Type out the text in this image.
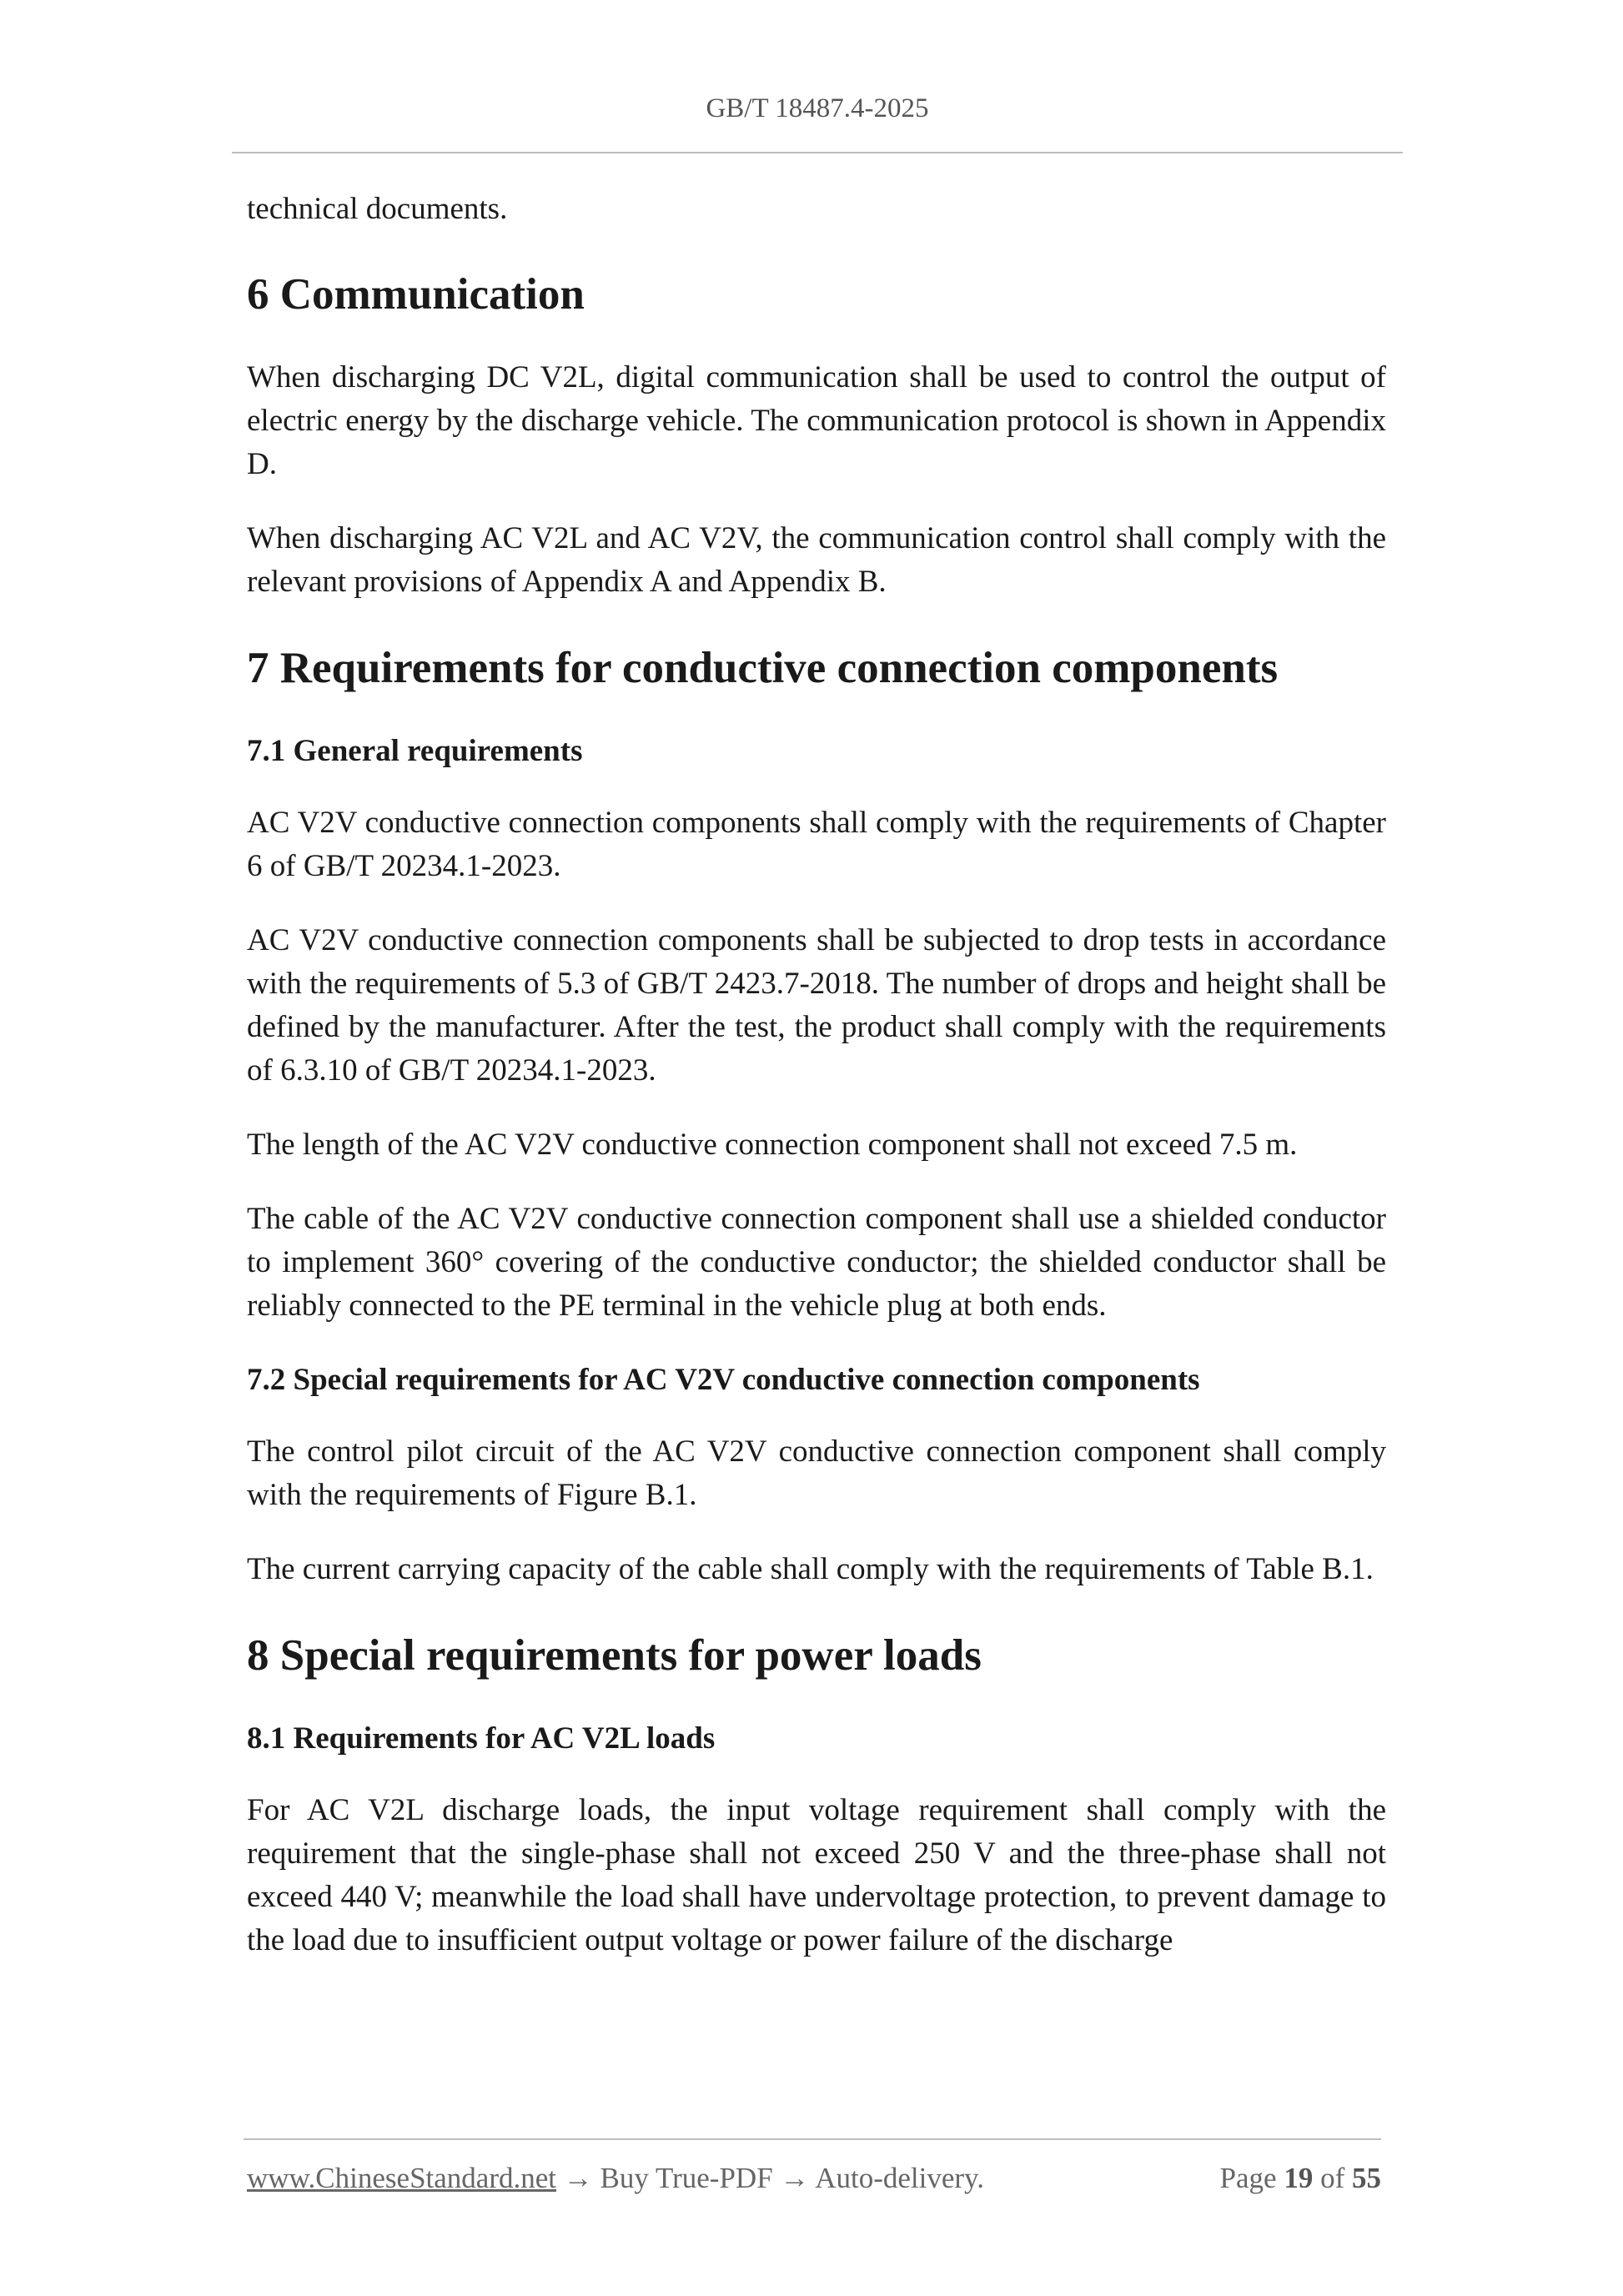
GB/T 18487.4-2025

technical documents.

6 Communication

When discharging DC V2L, digital communication shall be used to control the output of electric energy by the discharge vehicle. The communication protocol is shown in Appendix D.

When discharging AC V2L and AC V2V, the communication control shall comply with the relevant provisions of Appendix A and Appendix B.

7 Requirements for conductive connection components
7.1 General requirements

AC V2V conductive connection components shall comply with the requirements of Chapter 6 of GB/T 20234.1-2023.

AC V2V conductive connection components shall be subjected to drop tests in accordance with the requirements of 5.3 of GB/T 2423.7-2018. The number of drops and height shall be defined by the manufacturer. After the test, the product shall comply with the requirements of 6.3.10 of GB/T 20234.1-2023.

The length of the AC V2V conductive connection component shall not exceed 7.5 m.

The cable of the AC V2V conductive connection component shall use a shielded conductor to implement 360° covering of the conductive conductor; the shielded conductor shall be reliably connected to the PE terminal in the vehicle plug at both ends.

7.2 Special requirements for AC V2V conductive connection components

The control pilot circuit of the AC V2V conductive connection component shall comply with the requirements of Figure B.1.

The current carrying capacity of the cable shall comply with the requirements of Table B.1.

8 Special requirements for power loads
8.1 Requirements for AC V2L loads

For AC V2L discharge loads, the input voltage requirement shall comply with the requirement that the single-phase shall not exceed 250 V and the three-phase shall not exceed 440 V; meanwhile the load shall have undervoltage protection, to prevent damage to the load due to insufficient output voltage or power failure of the discharge

www.ChineseStandard.net → Buy True-PDF → Auto-delivery.	Page 19 of 55
